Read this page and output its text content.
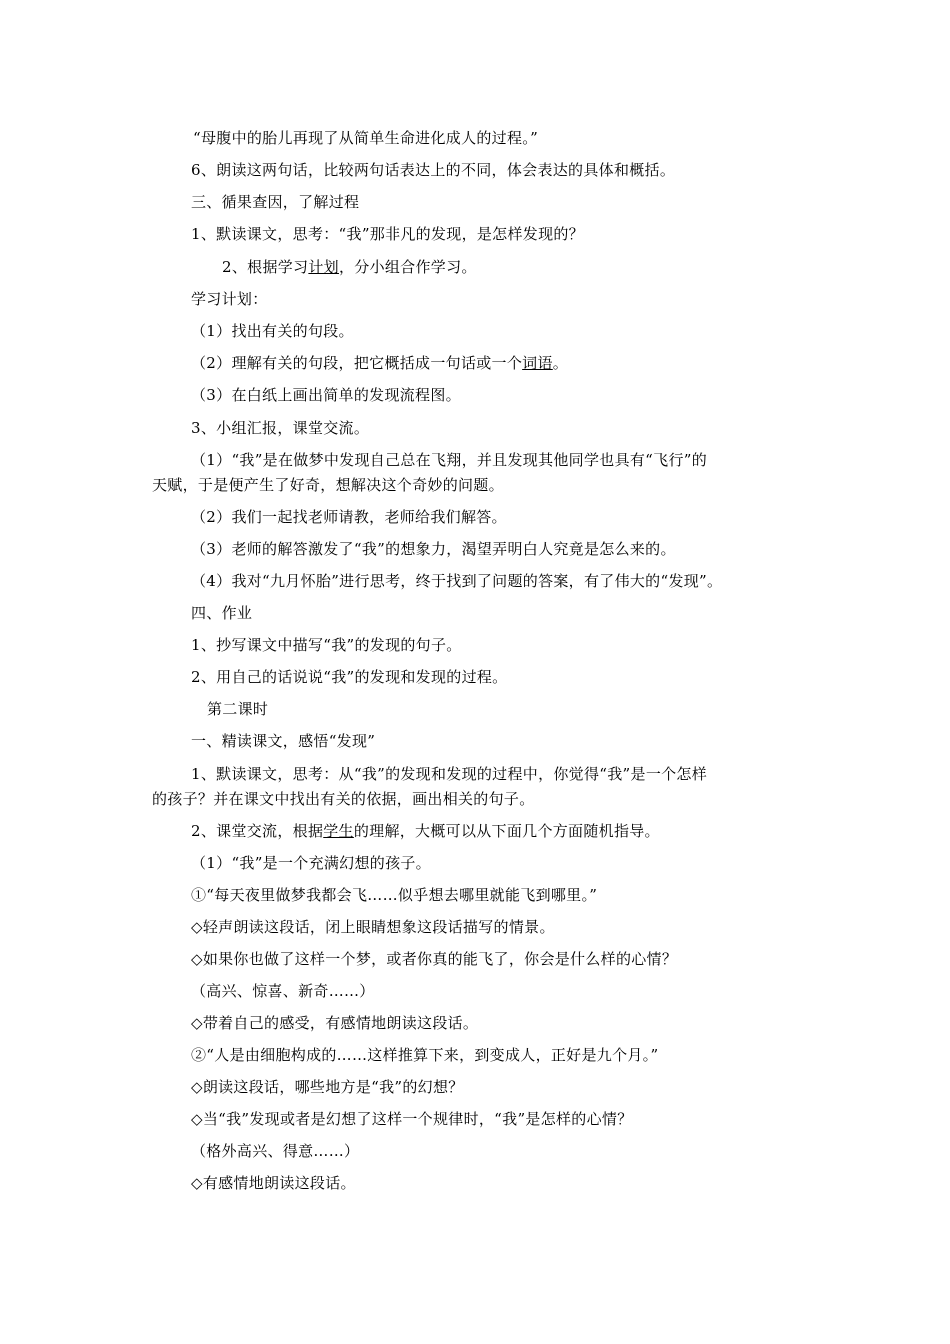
“母腹中的胎儿再现了从简单生命进化成人的过程。”
6、朗读这两句话，比较两句话表达上的不同，体会表达的具体和概括。
三、循果查因，了解过程
1、默读课文，思考：“我”那非凡的发现，是怎样发现的？
2、根据学习计划，分小组合作学习。
学习计划：
（1）找出有关的句段。
（2）理解有关的句段，把它概括成一句话或一个词语。
（3）在白纸上画出简单的发现流程图。
3、小组汇报，课堂交流。
（1）“我”是在做梦中发现自己总在飞翔，并且发现其他同学也具有“飞行”的
天赋，于是便产生了好奇，想解决这个奇妙的问题。
（2）我们一起找老师请教，老师给我们解答。
（3）老师的解答激发了“我”的想象力，渴望弄明白人究竟是怎么来的。
（4）我对“九月怀胎”进行思考，终于找到了问题的答案，有了伟大的“发现”。
四、作业
1、抄写课文中描写“我”的发现的句子。
2、用自己的话说说“我”的发现和发现的过程。
第二课时
一、精读课文，感悟“发现”
1、默读课文，思考：从“我”的发现和发现的过程中，你觉得“我”是一个怎样
的孩子？并在课文中找出有关的依据，画出相关的句子。
2、课堂交流，根据学生的理解，大概可以从下面几个方面随机指导。
（1）“我”是一个充满幻想的孩子。
①“每天夜里做梦我都会飞……似乎想去哪里就能飞到哪里。”
◇轻声朗读这段话，闭上眼睛想象这段话描写的情景。
◇如果你也做了这样一个梦，或者你真的能飞了，你会是什么样的心情？
（高兴、惊喜、新奇……）
◇带着自己的感受，有感情地朗读这段话。
②“人是由细胞构成的……这样推算下来，到变成人，正好是九个月。”
◇朗读这段话，哪些地方是“我”的幻想？
◇当“我”发现或者是幻想了这样一个规律时，“我”是怎样的心情？
（格外高兴、得意……）
◇有感情地朗读这段话。
